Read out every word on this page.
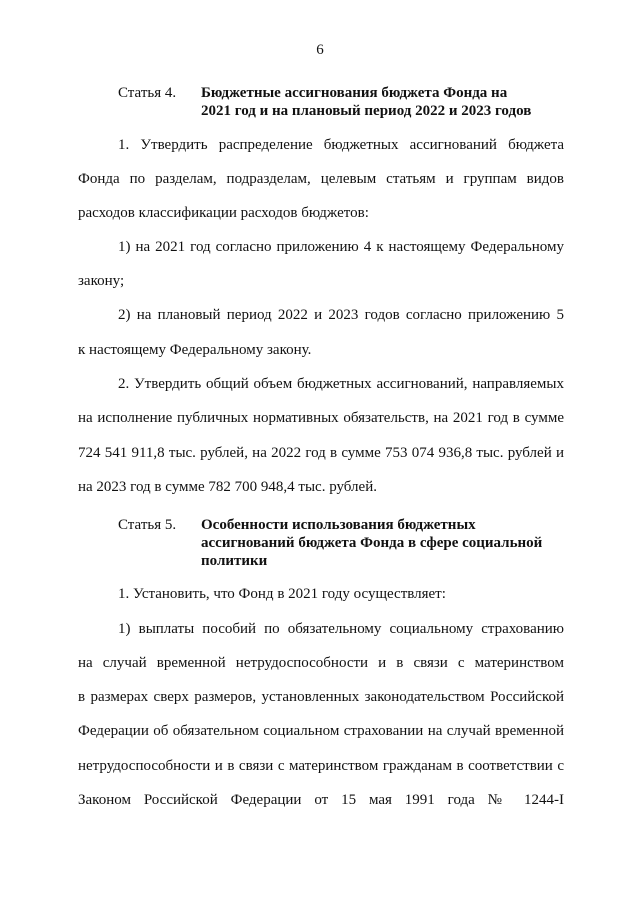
6
Статья 4. Бюджетные ассигнования бюджета Фонда на
2021 год и на плановый период 2022 и 2023 годов
1. Утвердить распределение бюджетных ассигнований бюджета
Фонда по разделам, подразделам, целевым статьям и группам видов
расходов классификации расходов бюджетов:
1) на 2021 год согласно приложению 4 к настоящему Федеральному
закону;
2) на плановый период 2022 и 2023 годов согласно приложению 5
к настоящему Федеральному закону.
2. Утвердить общий объем бюджетных ассигнований, направляемых
на исполнение публичных нормативных обязательств, на 2021 год в сумме
724 541 911,8 тыс. рублей, на 2022 год в сумме 753 074 936,8 тыс. рублей и
на 2023 год в сумме 782 700 948,4 тыс. рублей.
Статья 5. Особенности использования бюджетных
ассигнований бюджета Фонда в сфере социальной
политики
1. Установить, что Фонд в 2021 году осуществляет:
1) выплаты пособий по обязательному социальному страхованию
на случай временной нетрудоспособности и в связи с материнством
в размерах сверх размеров, установленных законодательством Российской
Федерации об обязательном социальном страховании на случай временной
нетрудоспособности и в связи с материнством гражданам в соответствии с
Законом Российской Федерации от 15 мая 1991 года № 1244-I
